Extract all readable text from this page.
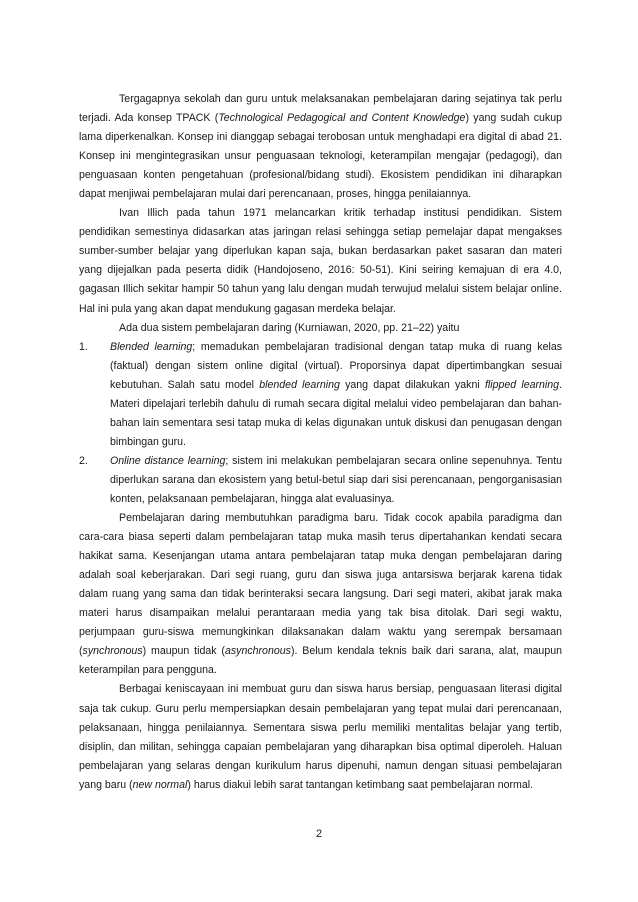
Tergagapnya sekolah dan guru untuk melaksanakan pembelajaran daring sejatinya tak perlu terjadi. Ada konsep TPACK (Technological Pedagogical and Content Knowledge) yang sudah cukup lama diperkenalkan. Konsep ini dianggap sebagai terobosan untuk menghadapi era digital di abad 21. Konsep ini mengintegrasikan unsur penguasaan teknologi, keterampilan mengajar (pedagogi), dan penguasaan konten pengetahuan (profesional/bidang studi). Ekosistem pendidikan ini diharapkan dapat menjiwai pembelajaran mulai dari perencanaan, proses, hingga penilaiannya.

Ivan Illich pada tahun 1971 melancarkan kritik terhadap institusi pendidikan. Sistem pendidikan semestinya didasarkan atas jaringan relasi sehingga setiap pemelajar dapat mengakses sumber-sumber belajar yang diperlukan kapan saja, bukan berdasarkan paket sasaran dan materi yang dijejalkan pada peserta didik (Handojoseno, 2016: 50-51). Kini seiring kemajuan di era 4.0, gagasan Illich sekitar hampir 50 tahun yang lalu dengan mudah terwujud melalui sistem belajar online. Hal ini pula yang akan dapat mendukung gagasan merdeka belajar.

Ada dua sistem pembelajaran daring (Kurniawan, 2020, pp. 21–22) yaitu

1. Blended learning; memadukan pembelajaran tradisional dengan tatap muka di ruang kelas (faktual) dengan sistem online digital (virtual). Proporsinya dapat dipertimbangkan sesuai kebutuhan. Salah satu model blended learning yang dapat dilakukan yakni flipped learning. Materi dipelajari terlebih dahulu di rumah secara digital melalui video pembelajaran dan bahan-bahan lain sementara sesi tatap muka di kelas digunakan untuk diskusi dan penugasan dengan bimbingan guru.
2. Online distance learning; sistem ini melakukan pembelajaran secara online sepenuhnya. Tentu diperlukan sarana dan ekosistem yang betul-betul siap dari sisi perencanaan, pengorganisasian konten, pelaksanaan pembelajaran, hingga alat evaluasinya.

Pembelajaran daring membutuhkan paradigma baru. Tidak cocok apabila paradigma dan cara-cara biasa seperti dalam pembelajaran tatap muka masih terus dipertahankan kendati secara hakikat sama. Kesenjangan utama antara pembelajaran tatap muka dengan pembelajaran daring adalah soal keberjarakan. Dari segi ruang, guru dan siswa juga antarsiswa berjarak karena tidak dalam ruang yang sama dan tidak berinteraksi secara langsung. Dari segi materi, akibat jarak maka materi harus disampaikan melalui perantaraan media yang tak bisa ditolak. Dari segi waktu, perjumpaan guru-siswa memungkinkan dilaksanakan dalam waktu yang serempak bersamaan (synchronous) maupun tidak (asynchronous). Belum kendala teknis baik dari sarana, alat, maupun keterampilan para pengguna.

Berbagai keniscayaan ini membuat guru dan siswa harus bersiap, penguasaan literasi digital saja tak cukup. Guru perlu mempersiapkan desain pembelajaran yang tepat mulai dari perencanaan, pelaksanaan, hingga penilaiannya. Sementara siswa perlu memiliki mentalitas belajar yang tertib, disiplin, dan militan, sehingga capaian pembelajaran yang diharapkan bisa optimal diperoleh. Haluan pembelajaran yang selaras dengan kurikulum harus dipenuhi, namun dengan situasi pembelajaran yang baru (new normal) harus diakui lebih sarat tantangan ketimbang saat pembelajaran normal.

2
